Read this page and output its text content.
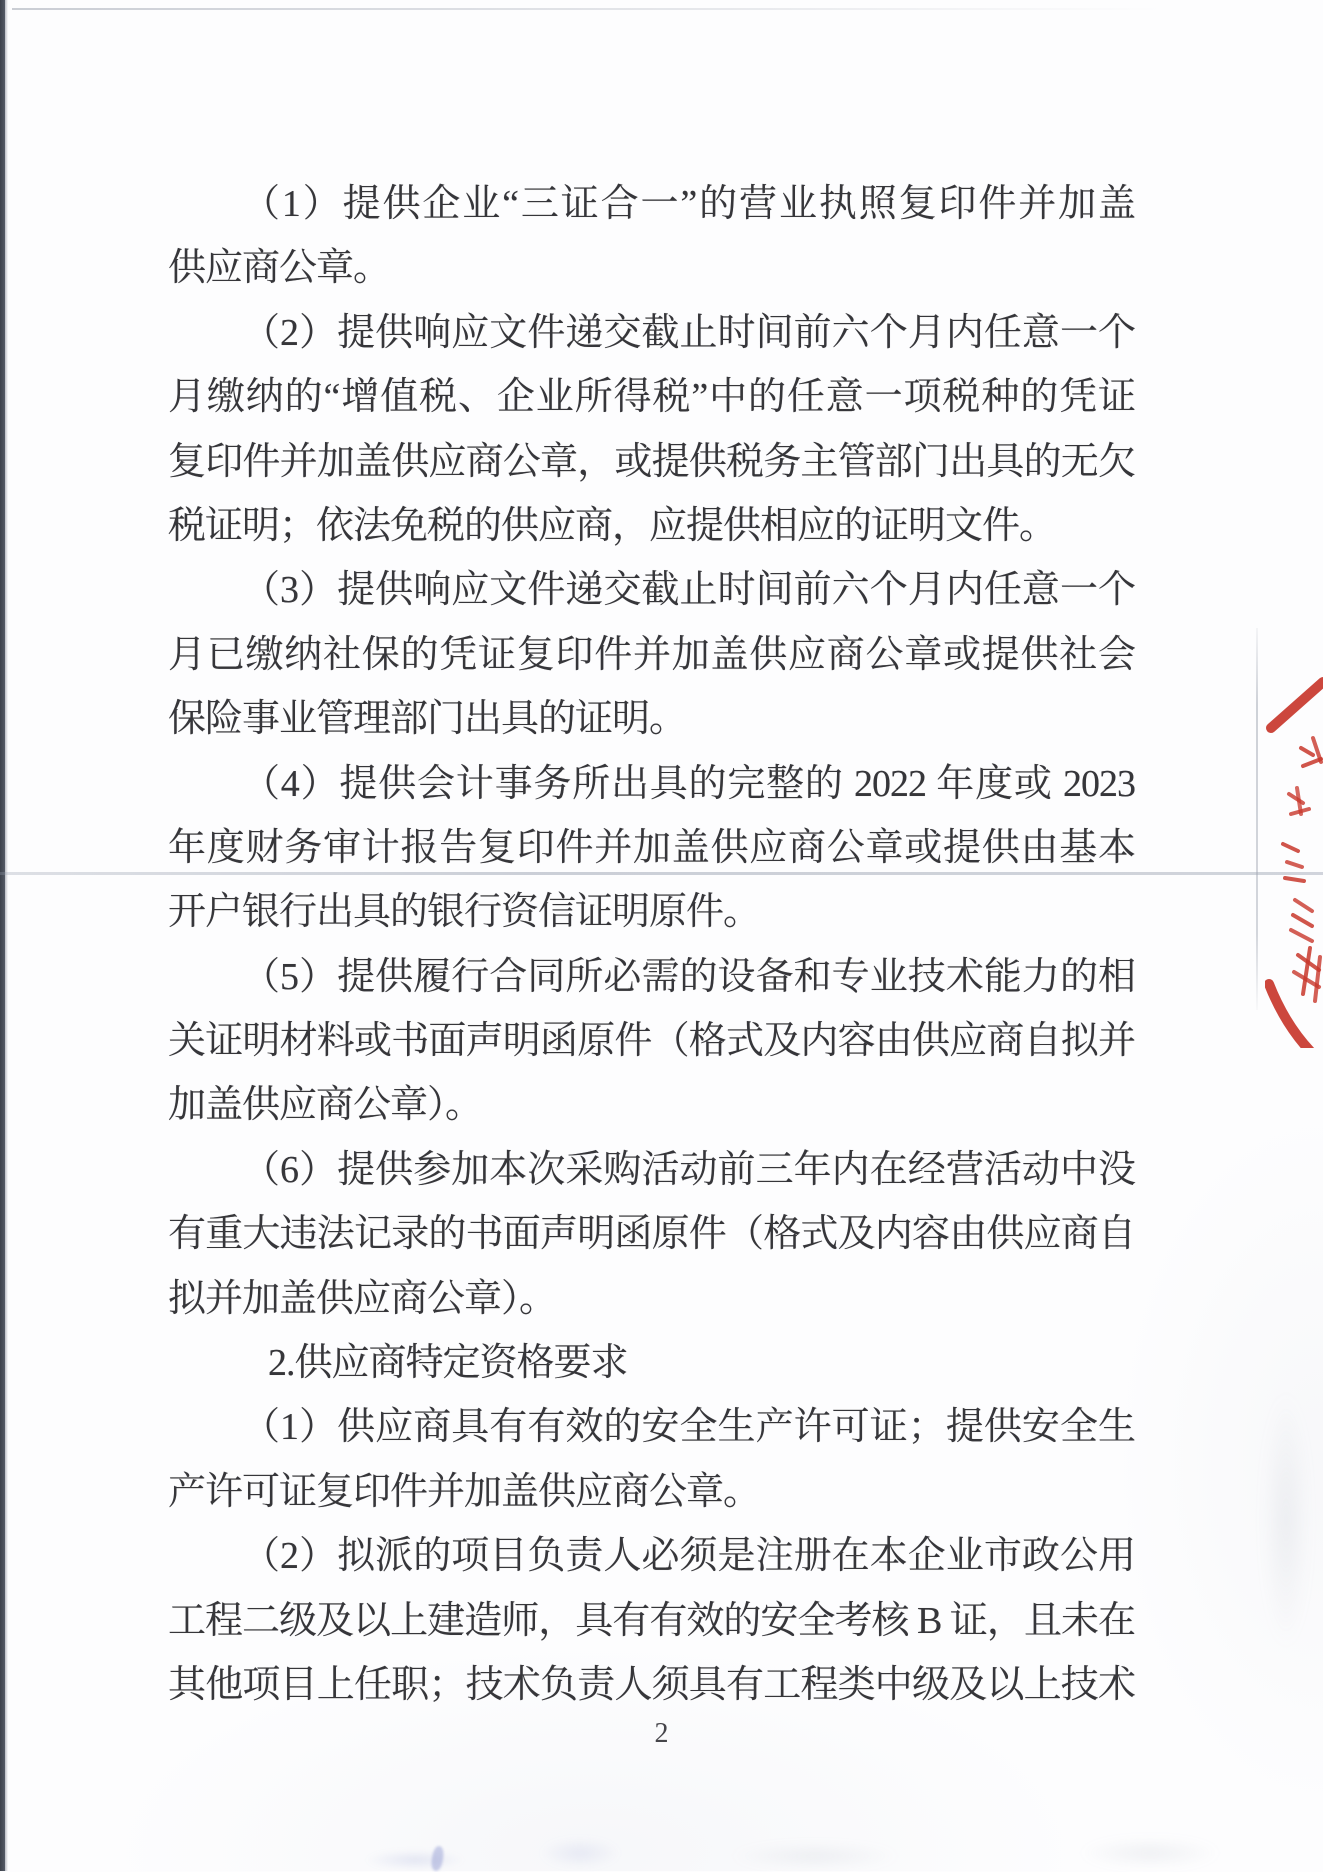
（1）提供企业“三证合一”的营业执照复印件并加盖
供应商公章。
（2）提供响应文件递交截止时间前六个月内任意一个
月缴纳的“增值税、企业所得税”中的任意一项税种的凭证
复印件并加盖供应商公章，或提供税务主管部门出具的无欠
税证明；依法免税的供应商，应提供相应的证明文件。
（3）提供响应文件递交截止时间前六个月内任意一个
月已缴纳社保的凭证复印件并加盖供应商公章或提供社会
保险事业管理部门出具的证明。
（4）提供会计事务所出具的完整的 2022 年度或 2023
年度财务审计报告复印件并加盖供应商公章或提供由基本
开户银行出具的银行资信证明原件。
（5）提供履行合同所必需的设备和专业技术能力的相
关证明材料或书面声明函原件（格式及内容由供应商自拟并
加盖供应商公章）。
（6）提供参加本次采购活动前三年内在经营活动中没
有重大违法记录的书面声明函原件（格式及内容由供应商自
拟并加盖供应商公章）。
2.供应商特定资格要求
（1）供应商具有有效的安全生产许可证；提供安全生
产许可证复印件并加盖供应商公章。
（2）拟派的项目负责人必须是注册在本企业市政公用
工程二级及以上建造师，具有有效的安全考核 B 证，且未在
其他项目上任职；技术负责人须具有工程类中级及以上技术
2
